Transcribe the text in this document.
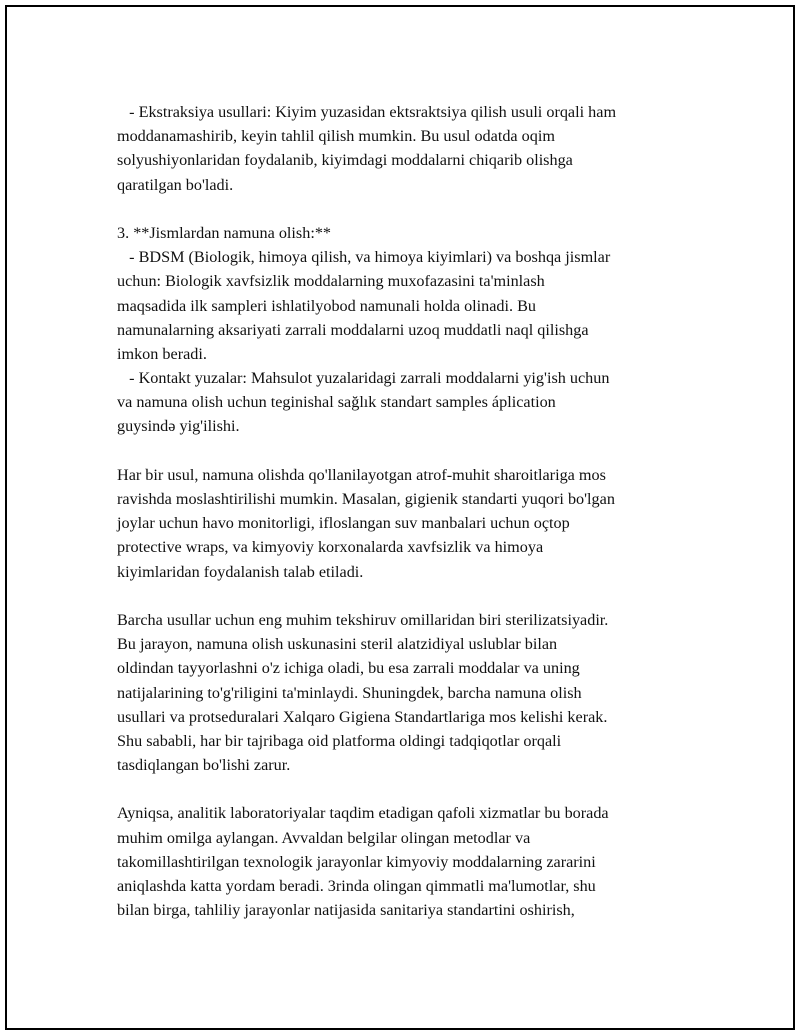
- Ekstraksiya usullari: Kiyim yuzasidan ektsraktsiya qilish usuli orqali ham
moddanamashirib, keyin tahlil qilish mumkin. Bu usul odatda oqim
solyushiyonlaridan foydalanib, kiyimdagi moddalarni chiqarib olishga
qaratilgan bo'ladi.
3. **Jismlardan namuna olish:**
- BDSM (Biologik, himoya qilish, va himoya kiyimlari) va boshqa jismlar
uchun: Biologik xavfsizlik moddalarning muxofazasini ta'minlash
maqsadida ilk sampleri ishlatilyobod namunali holda olinadi. Bu
namunalarning aksariyati zarrali moddalarni uzoq muddatli naql qilishga
imkon beradi.
- Kontakt yuzalar: Mahsulot yuzalaridagi zarrali moddalarni yig'ish uchun
va namuna olish uchun teginishal sağlık standart samples áplication
guysində yig'ilishi.
Har bir usul, namuna olishda qo'llanilayotgan atrof-muhit sharoitlariga mos
ravishda moslashtirilishi mumkin. Masalan, gigienik standarti yuqori bo'lgan
joylar uchun havo monitorligi, ifloslangan suv manbalari uchun oçtop
protective wraps, va kimyoviy korxonalarda xavfsizlik va himoya
kiyimlaridan foydalanish talab etiladi.
Barcha usullar uchun eng muhim tekshiruv omillaridan biri sterilizatsiyadir.
Bu jarayon, namuna olish uskunasini steril alatzidiyal uslublar bilan
oldindan tayyorlashni o'z ichiga oladi, bu esa zarrali moddalar va uning
natijalarining to'g'riligini ta'minlaydi. Shuningdek, barcha namuna olish
usullari va protseduralari Xalqaro Gigiena Standartlariga mos kelishi kerak.
Shu sababli, har bir tajribaga oid platforma oldingi tadqiqotlar orqali
tasdiqlangan bo'lishi zarur.
Ayniqsa, analitik laboratoriyalar taqdim etadigan qafoli xizmatlar bu borada
muhim omilga aylangan. Avvaldan belgilar olingan metodlar va
takomillashtirilgan texnologik jarayonlar kimyoviy moddalarning zararini
aniqlashda katta yordam beradi. 3rinda olingan qimmatli ma'lumotlar, shu
bilan birga, tahliliy jarayonlar natijasida sanitariya standartini oshirish,
